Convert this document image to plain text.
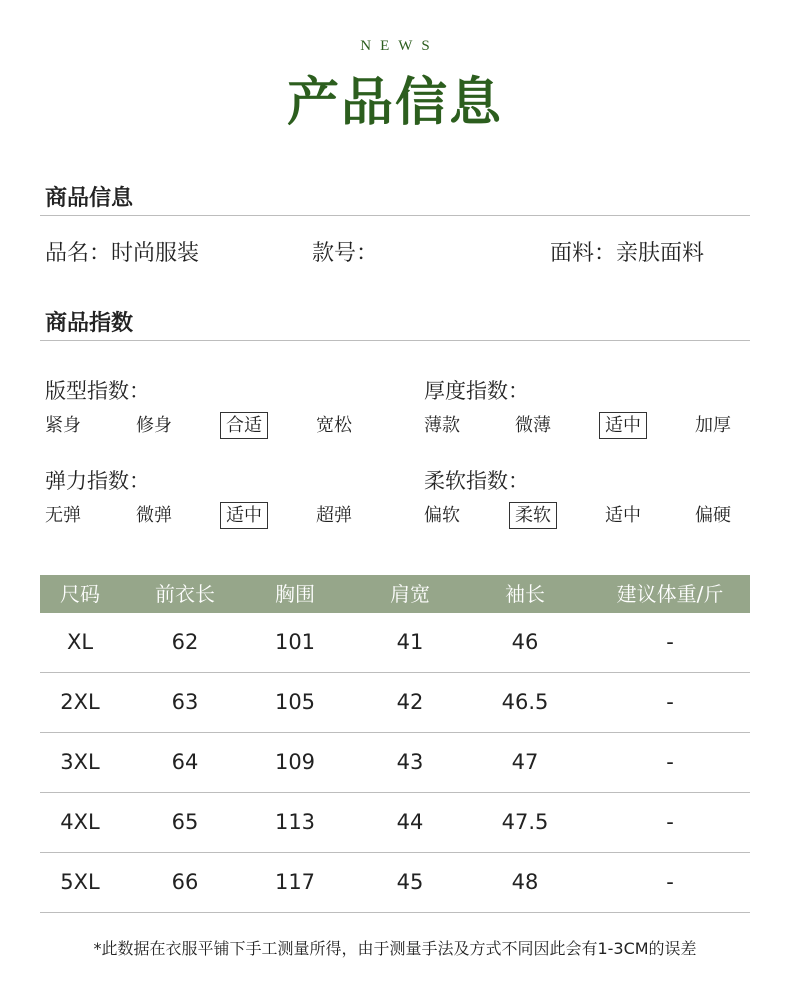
NEWS
产品信息
商品信息
品名：时尚服装	款号：	面料：亲肤面料
商品指数
版型指数：
紧身	修身	合适	宽松
厚度指数：
薄款	微薄	适中	加厚
弹力指数：
无弹	微弹	适中	超弹
柔软指数：
偏软	柔软	适中	偏硬
尺码	前衣长	胸围	肩宽	袖长	建议体重/斤
XL	62	101	41	46	-
2XL	63	105	42	46.5	-
3XL	64	109	43	47	-
4XL	65	113	44	47.5	-
5XL	66	117	45	48	-
*此数据在衣服平铺下手工测量所得，由于测量手法及方式不同因此会有1-3CM的误差
